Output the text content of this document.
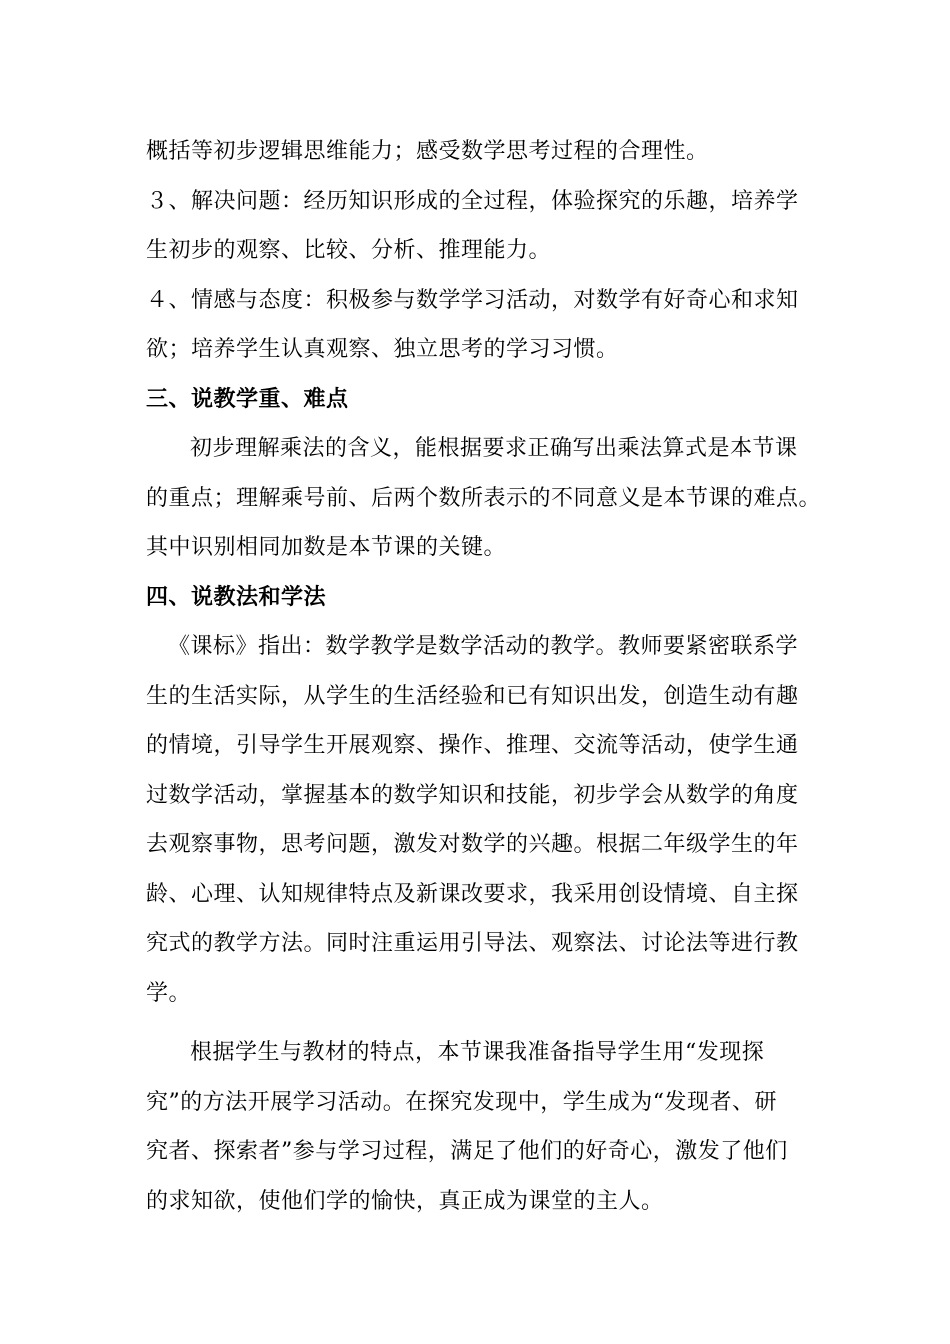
概括等初步逻辑思维能力；感受数学思考过程的合理性。
３、解决问题：经历知识形成的全过程，体验探究的乐趣，培养学
生初步的观察、比较、分析、推理能力。
４、情感与态度：积极参与数学学习活动，对数学有好奇心和求知
欲；培养学生认真观察、独立思考的学习习惯。
三、说教学重、难点
初步理解乘法的含义，能根据要求正确写出乘法算式是本节课
的重点；理解乘号前、后两个数所表示的不同意义是本节课的难点。
其中识别相同加数是本节课的关键。
四、说教法和学法
《课标》指出：数学教学是数学活动的教学。教师要紧密联系学
生的生活实际，从学生的生活经验和已有知识出发，创造生动有趣
的情境，引导学生开展观察、操作、推理、交流等活动，使学生通
过数学活动，掌握基本的数学知识和技能，初步学会从数学的角度
去观察事物，思考问题，激发对数学的兴趣。根据二年级学生的年
龄、心理、认知规律特点及新课改要求，我采用创设情境、自主探
究式的教学方法。同时注重运用引导法、观察法、讨论法等进行教
学。
根据学生与教材的特点，本节课我准备指导学生用“发现探
究”的方法开展学习活动。在探究发现中，学生成为“发现者、研
究者、探索者”参与学习过程，满足了他们的好奇心，激发了他们
的求知欲，使他们学的愉快，真正成为课堂的主人。
